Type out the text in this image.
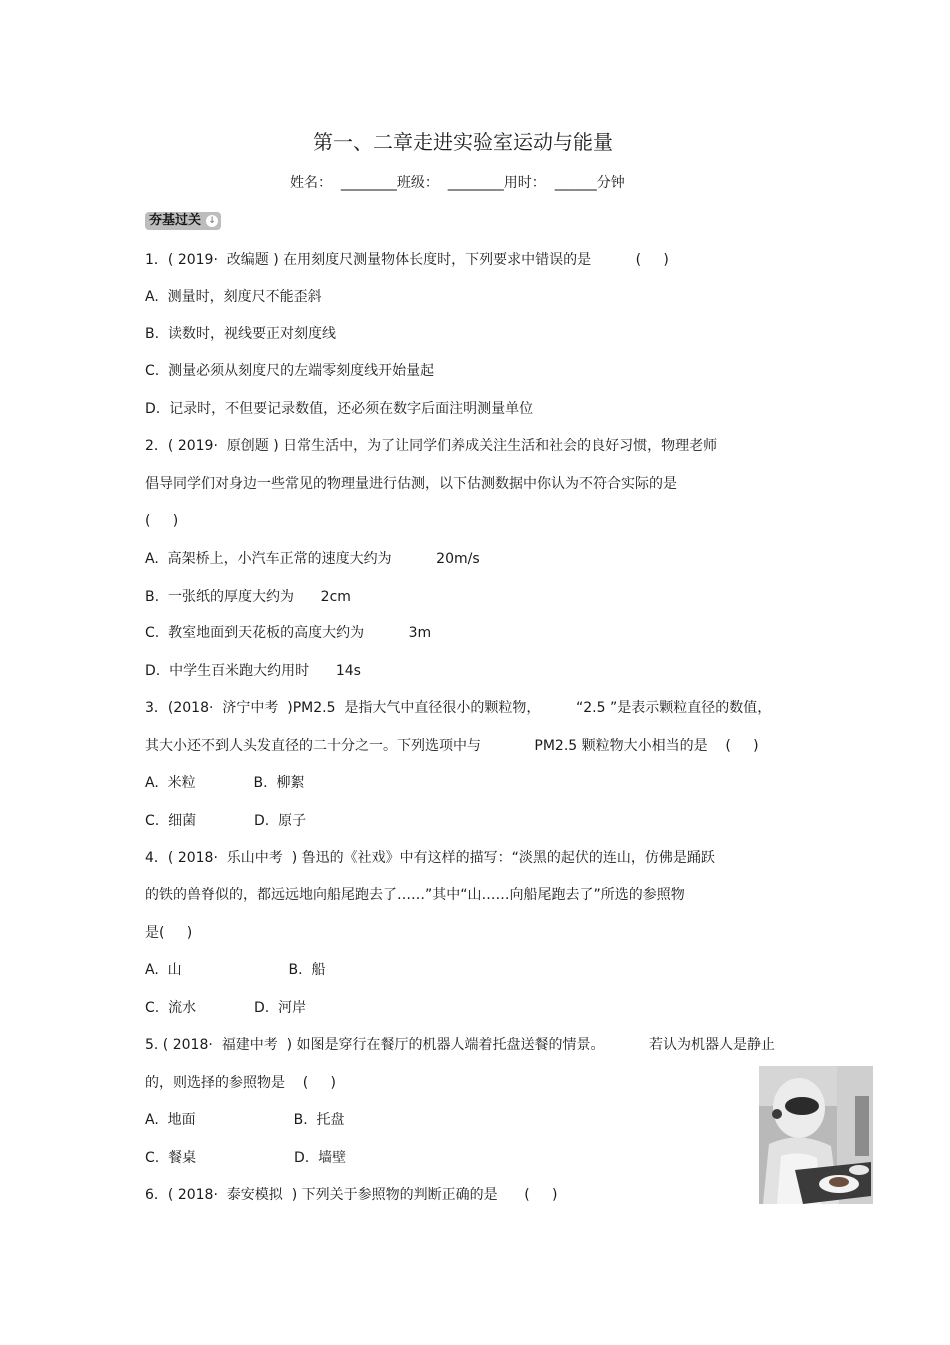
第一、二章走进实验室运动与能量
姓名：  ________班级：  ________用时：  ______分钟
夯基过关 ↓
1．( 2019·  改编题 ) 在用刻度尺测量物体长度时，下列要求中错误的是          (     )
A.  测量时，刻度尺不能歪斜
B.  读数时，视线要正对刻度线
C.  测量必须从刻度尺的左端零刻度线开始量起
D.  记录时，不但要记录数值，还必须在数字后面注明测量单位
2．( 2019·  原创题 ) 日常生活中，为了让同学们养成关注生活和社会的良好习惯，物理老师
倡导同学们对身边一些常见的物理量进行估测，以下估测数据中你认为不符合实际的是
(     )
A.  高架桥上，小汽车正常的速度大约为          20m/s
B.  一张纸的厚度大约为      2cm
C.  教室地面到天花板的高度大约为          3m
D.  中学生百米跑大约用时      14s
3．(2018·  济宁中考  )PM2.5  是指大气中直径很小的颗粒物，        “2.5 ”是表示颗粒直径的数值，
其大小还不到人头发直径的二十分之一。下列选项中与            PM2.5 颗粒物大小相当的是    (     )
A.  米粒             B.  柳絮
C.  细菌             D.  原子
4．( 2018·  乐山中考  ) 鲁迅的《社戏》中有这样的描写：“淡黑的起伏的连山，仿佛是踊跃
的铁的兽脊似的，都远远地向船尾跑去了……”其中“山……向船尾跑去了”所选的参照物
是(     )
A.  山                        B.  船
C.  流水             D.  河岸
5. ( 2018·  福建中考  ) 如图是穿行在餐厅的机器人端着托盘送餐的情景。          若认为机器人是静止
的，则选择的参照物是    (     )
A.  地面                      B.  托盘
C.  餐桌                      D.  墙壁
6．( 2018·  泰安模拟  ) 下列关于参照物的判断正确的是      (     )
